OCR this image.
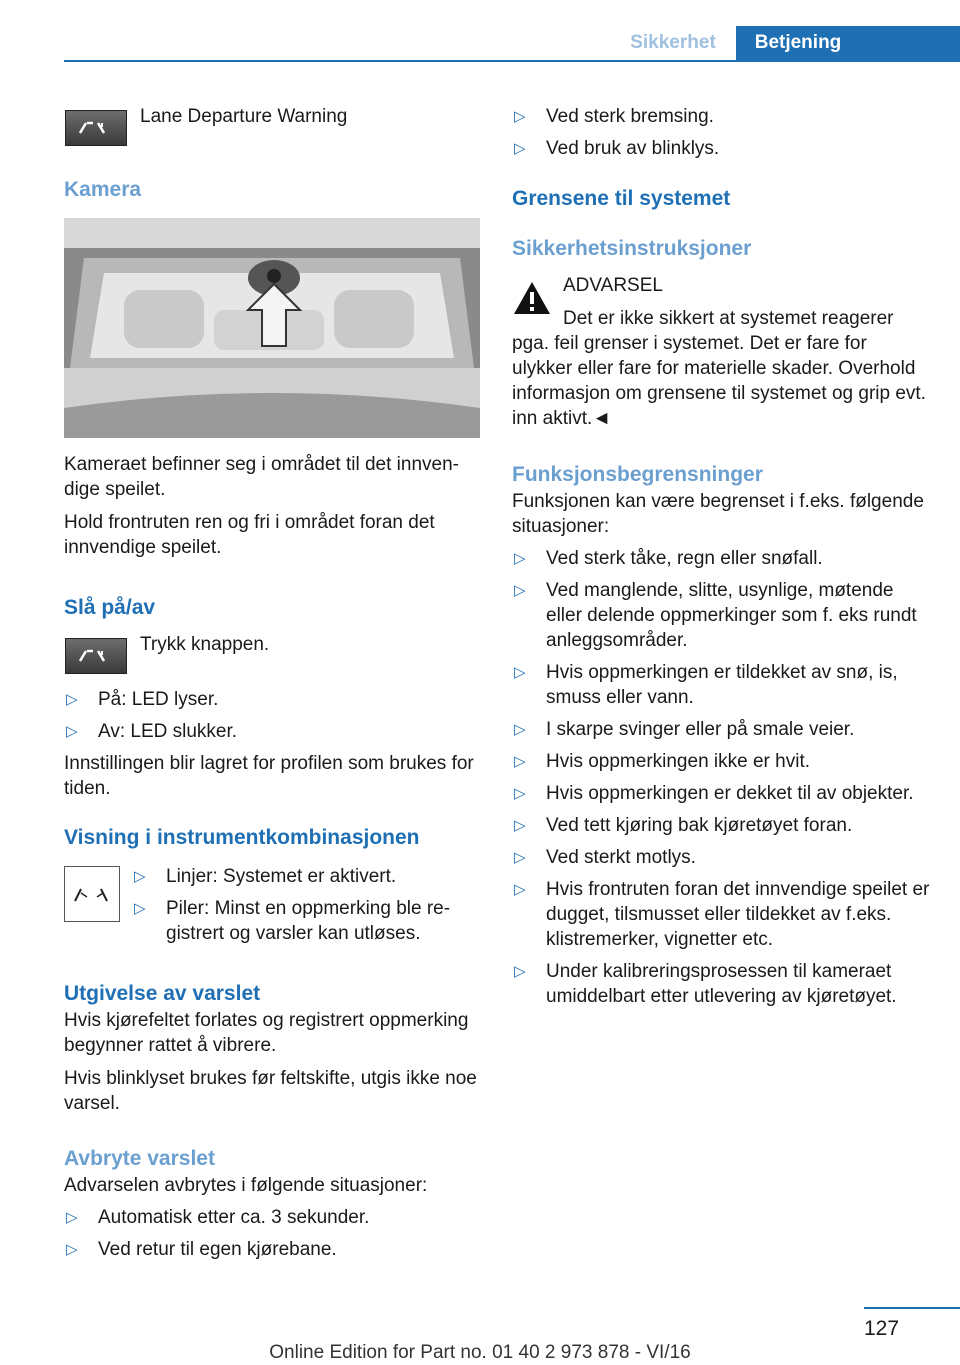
Sikkerhet	Betjening
Lane Departure Warning
Kamera

Kameraet befinner seg i området til det innvendige speilet.

Hold frontruten ren og fri i området foran det innvendige speilet.

Slå på/av
Trykk knappen.
▷ På: LED lyser.
▷ Av: LED slukker.

Innstillingen blir lagret for profilen som brukes for tiden.

Visning i instrumentkombinasjonen
▷ Linjer: Systemet er aktivert.
▷ Piler: Minst en oppmerking ble registrert og varsler kan utløses.
Utgivelse av varslet

Hvis kjørefeltet forlates og registrert oppmerking begynner rattet å vibrere.

Hvis blinklyset brukes før feltskifte, utgis ikke noe varsel.

Avbryte varslet

Advarselen avbrytes i følgende situasjoner:

▷ Automatisk etter ca. 3 sekunder.
▷ Ved retur til egen kjørebane.
▷ Ved sterk bremsing.
▷ Ved bruk av blinklys.
Grensene til systemet
Sikkerhetsinstruksjoner
ADVARSEL

Det er ikke sikkert at systemet reagerer pga. feil grenser i systemet. Det er fare for ulykker eller fare for materielle skader. Overhold informasjon om grensene til systemet og grip evt. inn aktivt.◄

Funksjonsbegrensninger

Funksjonen kan være begrenset i f.eks. følgende situasjoner:

▷ Ved sterk tåke, regn eller snøfall.
▷ Ved manglende, slitte, usynlige, møtende eller delende oppmerkinger som f. eks rundt anleggsområder.
▷ Hvis oppmerkingen er tildekket av snø, is, smuss eller vann.
▷ I skarpe svinger eller på smale veier.
▷ Hvis oppmerkingen ikke er hvit.
▷ Hvis oppmerkingen er dekket til av objekter.
▷ Ved tett kjøring bak kjøretøyet foran.
▷ Ved sterkt motlys.
▷ Hvis frontruten foran det innvendige speilet er dugget, tilsmusset eller tildekket av f.eks. klistremerker, vignetter etc.
▷ Under kalibreringsprosessen til kameraet umiddelbart etter utlevering av kjøretøyet.
127
Online Edition for Part no. 01 40 2 973 878 - VI/16
